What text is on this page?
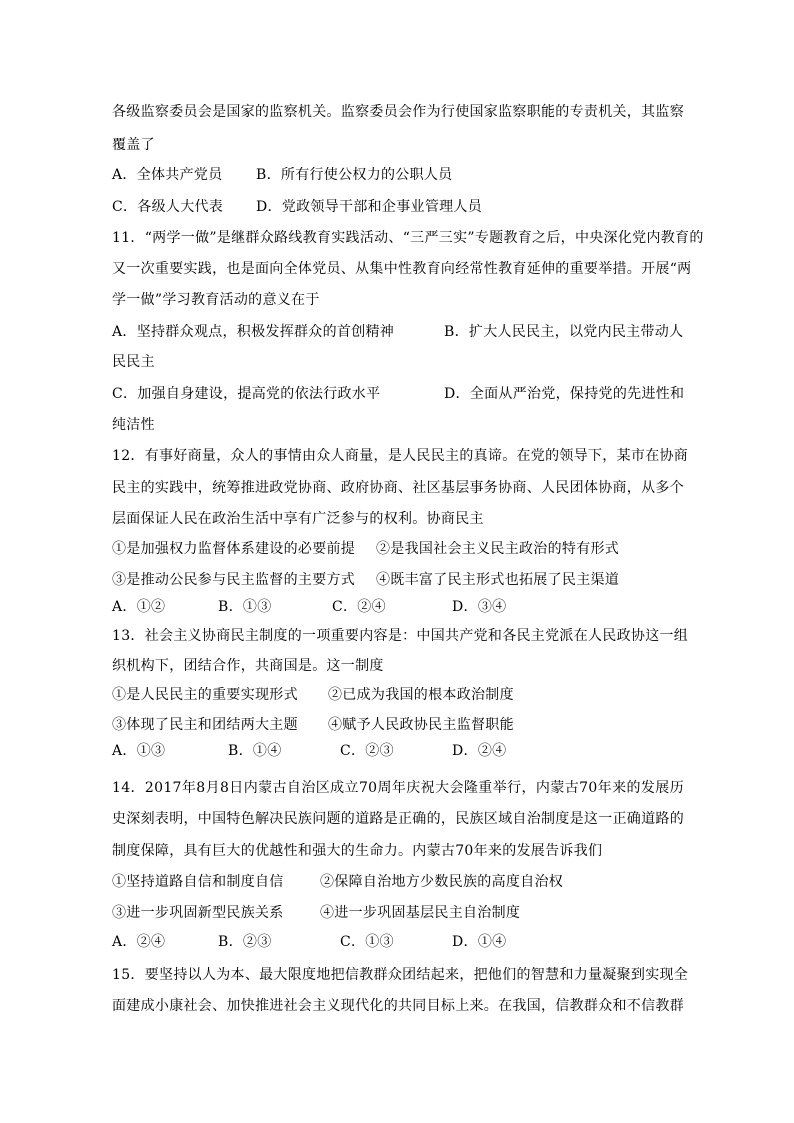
各级监察委员会是国家的监察机关。监察委员会作为行使国家监察职能的专责机关，其监察
覆盖了
A．全体共产党员 B．所有行使公权力的公职人员
C．各级人大代表 D．党政领导干部和企事业管理人员
11．“两学一做”是继群众路线教育实践活动、“三严三实”专题教育之后，中央深化党内教育的
又一次重要实践，也是面向全体党员、从集中性教育向经常性教育延伸的重要举措。开展“两
学一做”学习教育活动的意义在于
A．坚持群众观点，积极发挥群众的首创精神	B．扩大人民民主，以党内民主带动人
民民主
C．加强自身建设，提高党的依法行政水平	D．全面从严治党，保持党的先进性和
纯洁性
12．有事好商量，众人的事情由众人商量，是人民民主的真谛。在党的领导下，某市在协商
民主的实践中，统筹推进政党协商、政府协商、社区基层事务协商、人民团体协商，从多个
层面保证人民在政治生活中享有广泛参与的权利。协商民主
①是加强权力监督体系建设的必要前提 ②是我国社会主义民主政治的特有形式
③是推动公民参与民主监督的主要方式 ④既丰富了民主形式也拓展了民主渠道
A．①②	B．①③	C．②④	D．③④
13．社会主义协商民主制度的一项重要内容是：中国共产党和各民主党派在人民政协这一组
织机构下，团结合作，共商国是。这一制度
①是人民民主的重要实现形式 ②已成为我国的根本政治制度
③体现了民主和团结两大主题 ④赋予人民政协民主监督职能
A．①③	B．①④	C．②③	D．②④
14．2017年8月8日内蒙古自治区成立70周年庆祝大会隆重举行，内蒙古70年来的发展历
史深刻表明，中国特色解决民族问题的道路是正确的，民族区域自治制度是这一正确道路的
制度保障，具有巨大的优越性和强大的生命力。内蒙古70年来的发展告诉我们
①坚持道路自信和制度自信	②保障自治地方少数民族的高度自治权
③进一步巩固新型民族关系	④进一步巩固基层民主自治制度
A．②④	B．②③	C．①③	D．①④
15．要坚持以人为本、最大限度地把信教群众团结起来，把他们的智慧和力量凝聚到实现全
面建成小康社会、加快推进社会主义现代化的共同目标上来。在我国，信教群众和不信教群
